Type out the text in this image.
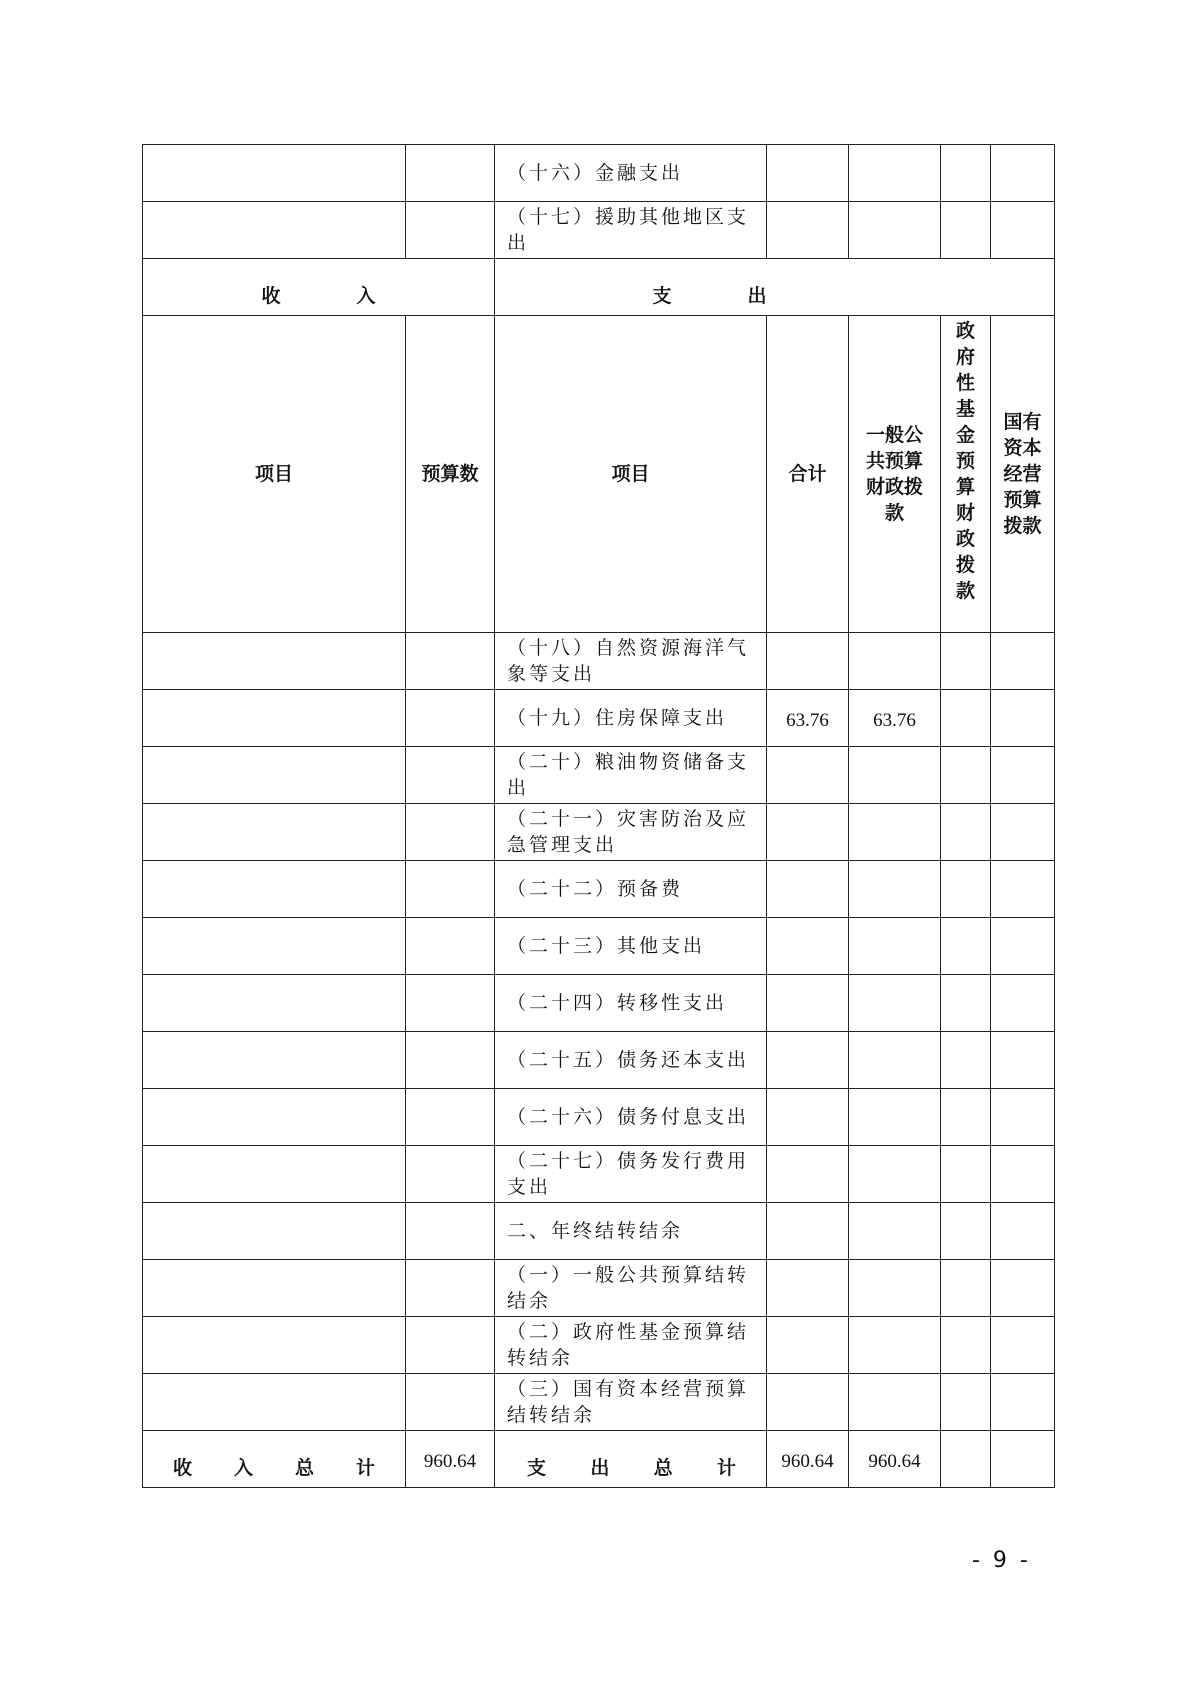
		（十六）金融支出				
		（十七）援助其他地区支出				
收 入		支 出				
项目	预算数	项目	合计	一般公共预算财政拨款	政府性基金预算财政拨款	国有资本经营预算拨款
		（十八）自然资源海洋气象等支出				
		（十九）住房保障支出	63.76	63.76		
		（二十）粮油物资储备支出				
		（二十一）灾害防治及应急管理支出				
		（二十二）预备费				
		（二十三）其他支出				
		（二十四）转移性支出				
		（二十五）债务还本支出				
		（二十六）债务付息支出				
		（二十七）债务发行费用支出				
		二、年终结转结余				
		（一）一般公共预算结转结余				
		（二）政府性基金预算结转结余				
		（三）国有资本经营预算结转结余				

收 入 总 计	960.64	支 出 总 计	960.64	960.64		
- 9 -
